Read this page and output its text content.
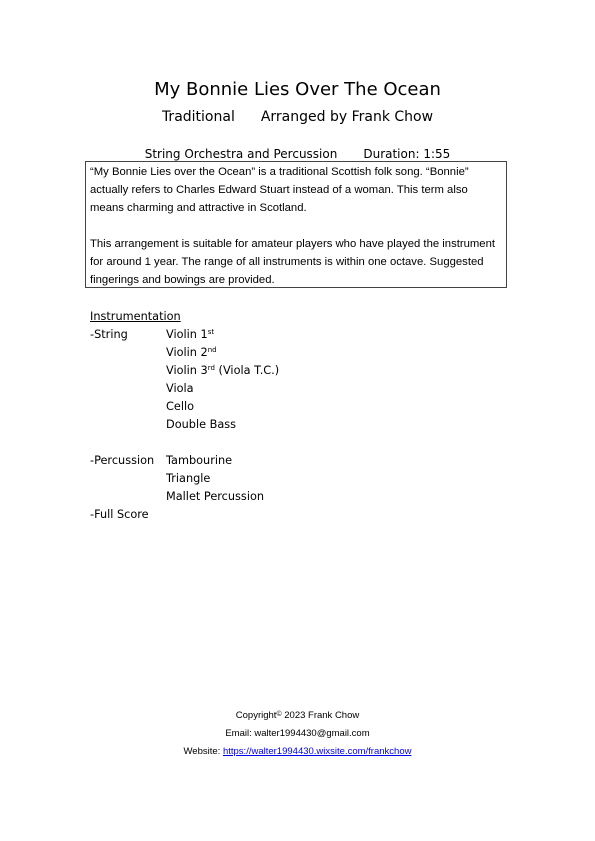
My Bonnie Lies Over The Ocean
Traditional Arranged by Frank Chow
String Orchestra and Percussion Duration: 1:55

“My Bonnie Lies over the Ocean” is a traditional Scottish folk song. “Bonnie” actually refers to Charles Edward Stuart instead of a woman. This term also means charming and attractive in Scotland.

This arrangement is suitable for amateur players who have played the instrument for around 1 year. The range of all instruments is within one octave. Suggested fingerings and bowings are provided.

Instrumentation
-String	Violin 1st
Violin 2nd
Violin 3rd (Viola T.C.)
Viola
Cello
Double Bass
-Percussion	Tambourine
Triangle
Mallet Percussion
-Full Score
Copyright© 2023 Frank Chow
Email: walter1994430@gmail.com
Website: https://walter1994430.wixsite.com/frankchow
